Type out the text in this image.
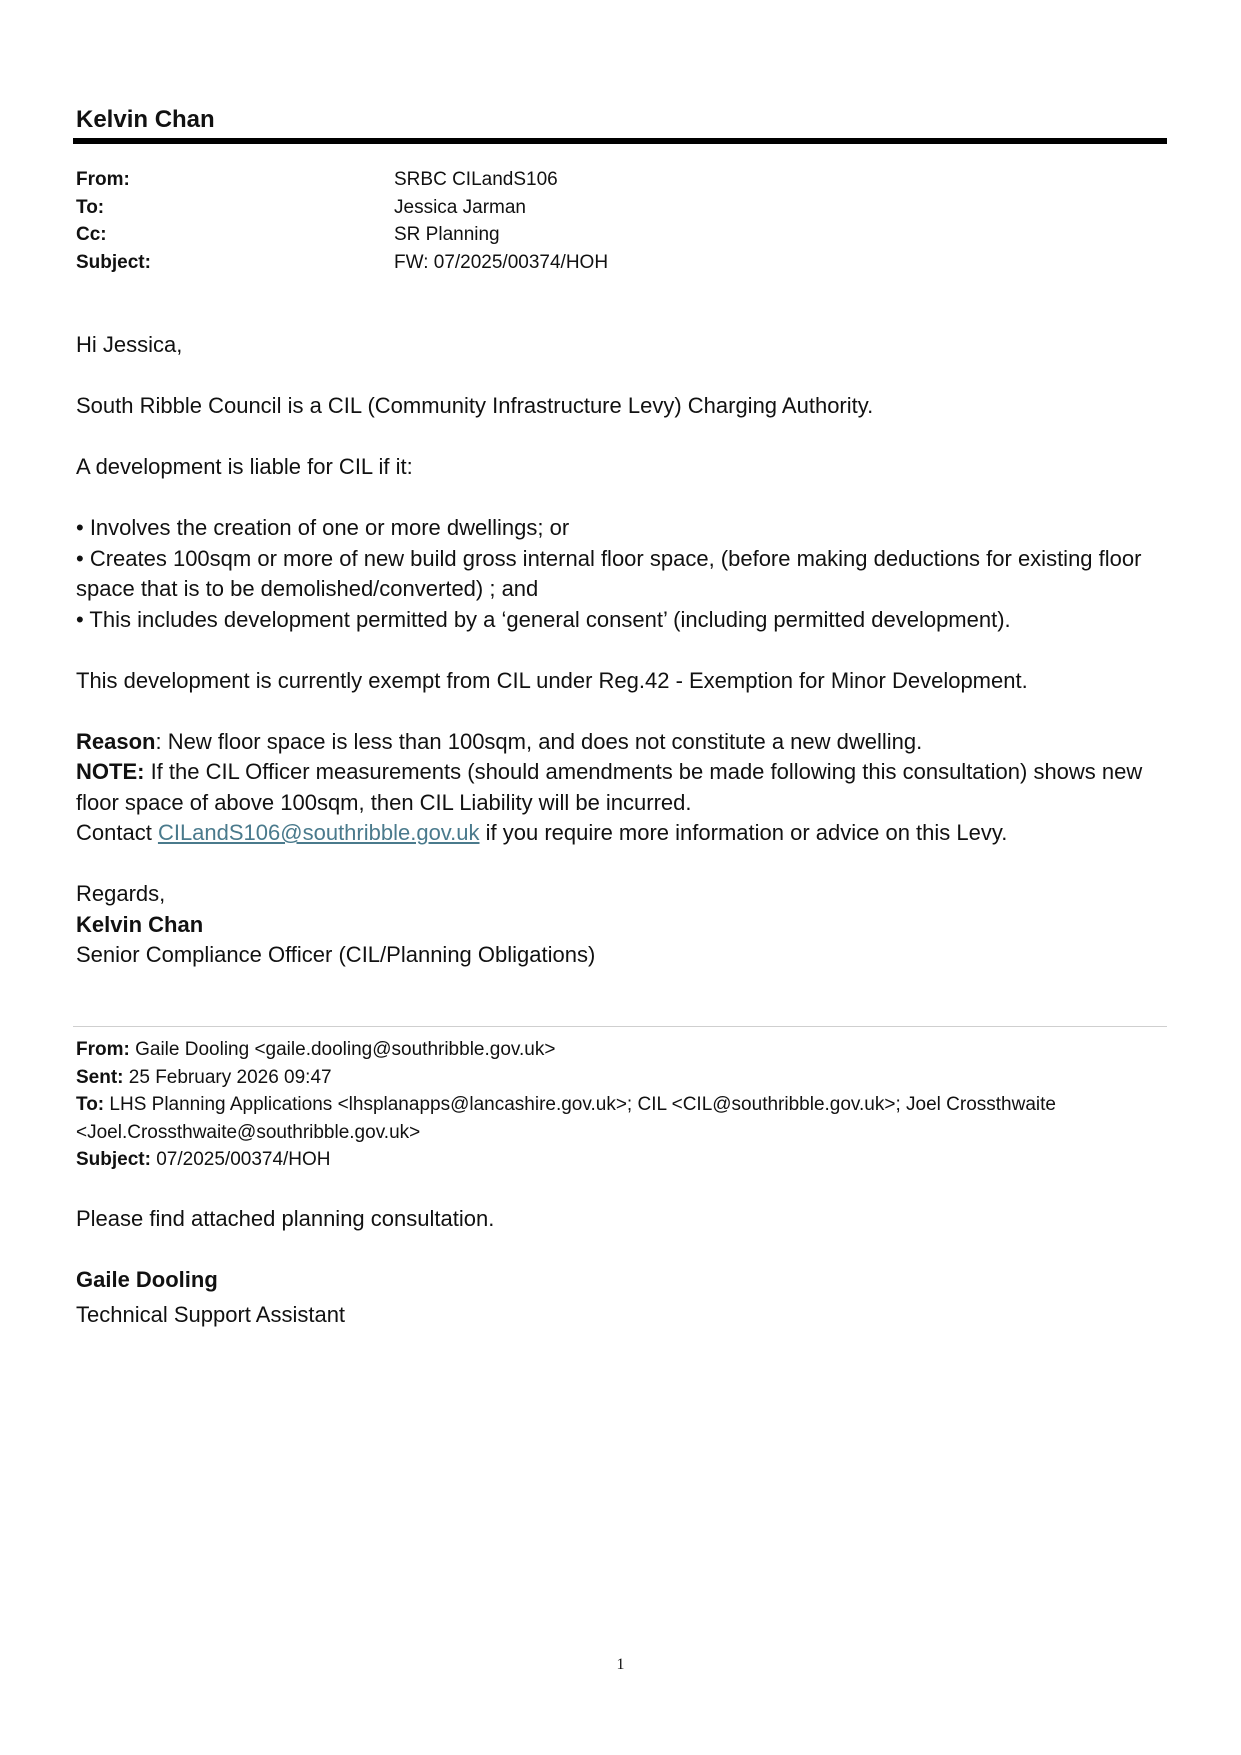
Kelvin Chan
From:	SRBC CILandS106
To:	Jessica Jarman
Cc:	SR Planning
Subject:	FW: 07/2025/00374/HOH

Hi Jessica,

South Ribble Council is a CIL (Community Infrastructure Levy) Charging Authority.

A development is liable for CIL if it:

• Involves the creation of one or more dwellings; or

• Creates 100sqm or more of new build gross internal floor space, (before making deductions for existing floor space that is to be demolished/converted) ; and

• This includes development permitted by a ‘general consent’ (including permitted development).

This development is currently exempt from CIL under Reg.42 - Exemption for Minor Development.

Reason: New floor space is less than 100sqm, and does not constitute a new dwelling.

NOTE: If the CIL Officer measurements (should amendments be made following this consultation) shows new floor space of above 100sqm, then CIL Liability will be incurred.

Contact CILandS106@southribble.gov.uk if you require more information or advice on this Levy.

Regards,

Kelvin Chan

Senior Compliance Officer (CIL/Planning Obligations)

From: Gaile Dooling <gaile.dooling@southribble.gov.uk>
Sent: 25 February 2026 09:47
To: LHS Planning Applications <lhsplanapps@lancashire.gov.uk>; CIL <CIL@southribble.gov.uk>; Joel Crossthwaite <Joel.Crossthwaite@southribble.gov.uk>
Subject: 07/2025/00374/HOH

Please find attached planning consultation.

Gaile Dooling
Technical Support Assistant
1
